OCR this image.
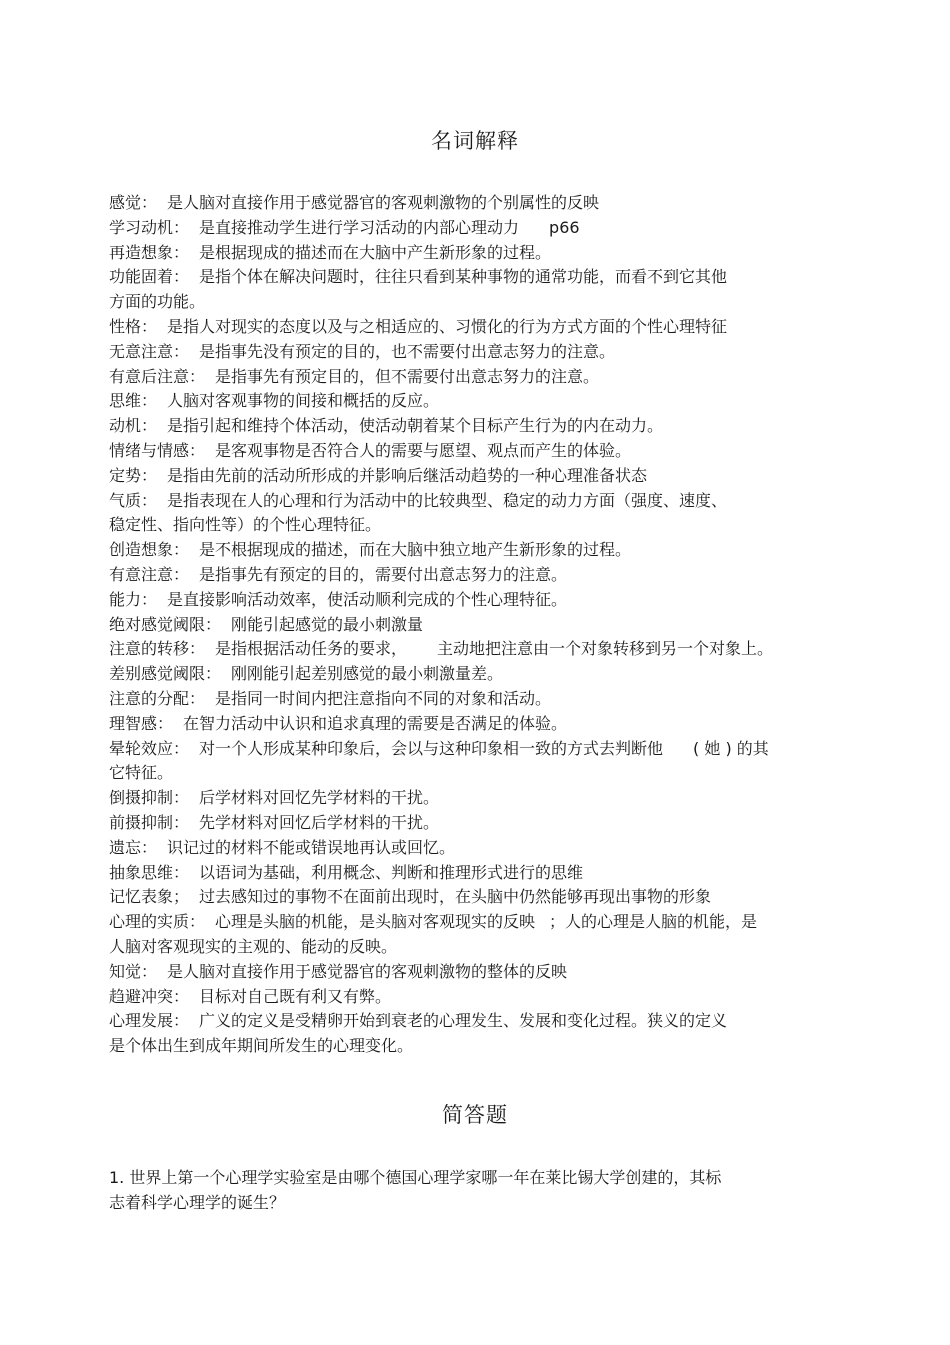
名词解释
感觉： 是人脑对直接作用于感觉器官的客观刺激物的个别属性的反映
学习动机： 是直接推动学生进行学习活动的内部心理动力 p66
再造想象： 是根据现成的描述而在大脑中产生新形象的过程。
功能固着： 是指个体在解决问题时，往往只看到某种事物的通常功能，而看不到它其他
方面的功能。
性格： 是指人对现实的态度以及与之相适应的、习惯化的行为方式方面的个性心理特征
无意注意： 是指事先没有预定的目的，也不需要付出意志努力的注意。
有意后注意： 是指事先有预定目的，但不需要付出意志努力的注意。
思维： 人脑对客观事物的间接和概括的反应。
动机： 是指引起和维持个体活动，使活动朝着某个目标产生行为的内在动力。
情绪与情感： 是客观事物是否符合人的需要与愿望、观点而产生的体验。
定势： 是指由先前的活动所形成的并影响后继活动趋势的一种心理准备状态
气质： 是指表现在人的心理和行为活动中的比较典型、稳定的动力方面（强度、速度、
稳定性、指向性等）的个性心理特征。
创造想象： 是不根据现成的描述，而在大脑中独立地产生新形象的过程。
有意注意： 是指事先有预定的目的，需要付出意志努力的注意。
能力： 是直接影响活动效率，使活动顺利完成的个性心理特征。
绝对感觉阈限： 刚能引起感觉的最小刺激量
注意的转移： 是指根据活动任务的要求， 主动地把注意由一个对象转移到另一个对象上。
差别感觉阈限： 刚刚能引起差别感觉的最小刺激量差。
注意的分配： 是指同一时间内把注意指向不同的对象和活动。
理智感： 在智力活动中认识和追求真理的需要是否满足的体验。
晕轮效应： 对一个人形成某种印象后，会以与这种印象相一致的方式去判断他 ( 她 ) 的其
它特征。
倒摄抑制： 后学材料对回忆先学材料的干扰。
前摄抑制： 先学材料对回忆后学材料的干扰。
遗忘： 识记过的材料不能或错误地再认或回忆。
抽象思维： 以语词为基础，利用概念、判断和推理形式进行的思维
记忆表象； 过去感知过的事物不在面前出现时，在头脑中仍然能够再现出事物的形象
心理的实质： 心理是头脑的机能，是头脑对客观现实的反映 ；人的心理是人脑的机能，是
人脑对客观现实的主观的、能动的反映。
知觉： 是人脑对直接作用于感觉器官的客观刺激物的整体的反映
趋避冲突： 目标对自己既有利又有弊。
心理发展： 广义的定义是受精卵开始到衰老的心理发生、发展和变化过程。狭义的定义
是个体出生到成年期间所发生的心理变化。
简答题
1. 世界上第一个心理学实验室是由哪个德国心理学家哪一年在莱比锡大学创建的，其标
志着科学心理学的诞生？
